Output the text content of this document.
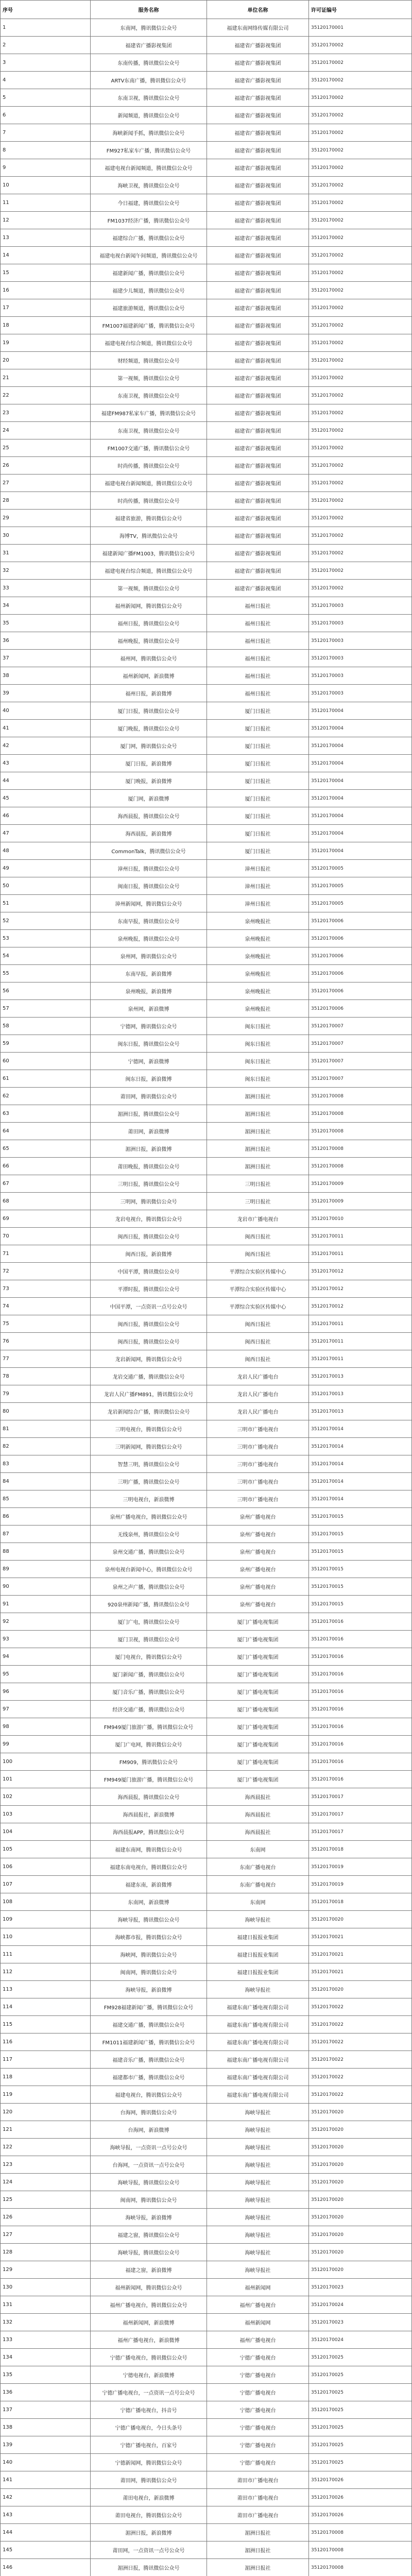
序号	服务名称	单位名称	许可证编号
1	东南网，腾讯微信公众号	福建东南网络传媒有限公司	35120170001
2	福建省广播影视集团	福建省广播影视集团	35120170002
3	东南传播，腾讯微信公众号	福建省广播影视集团	35120170002
4	ARTV东南广播，腾讯微信公众号	福建省广播影视集团	35120170002
5	东南卫视，腾讯微信公众号	福建省广播影视集团	35120170002
6	新闻频道，腾讯微信公众号	福建省广播影视集团	35120170002
7	海峡新闻手抓，腾讯微信公众号	福建省广播影视集团	35120170002
8	FM927私家车广播，腾讯微信公众号	福建省广播影视集团	35120170002
9	福建电视台新闻频道，腾讯微信公众号	福建省广播影视集团	35120170002
10	海峡卫视，腾讯微信公众号	福建省广播影视集团	35120170002
11	今日福建，腾讯微信公众号	福建省广播影视集团	35120170002
12	FM1037经济广播，腾讯微信公众号	福建省广播影视集团	35120170002
13	福建综合广播，腾讯微信公众号	福建省广播影视集团	35120170002
14	福建电视台新闻午间频道，腾讯微信公众号	福建省广播影视集团	35120170002
15	福建新闻广播，腾讯微信公众号	福建省广播影视集团	35120170002
16	福建少儿频道，腾讯微信公众号	福建省广播影视集团	35120170002
17	福建旅游频道，腾讯微信公众号	福建省广播影视集团	35120170002
18	FM1007福建新闻广播，腾讯微信公众号	福建省广播影视集团	35120170002
19	福建电视台综合频道，腾讯微信公众号	福建省广播影视集团	35120170002
20	财经频道，腾讯微信公众号	福建省广播影视集团	35120170002
21	第一视频，腾讯微信公众号	福建省广播影视集团	35120170002
22	东南卫视，腾讯微信公众号	福建省广播影视集团	35120170002
23	福建FM987私家车广播，腾讯微信公众号	福建省广播影视集团	35120170002
24	东南卫视，腾讯微信公众号	福建省广播影视集团	35120170002
25	FM1007交通广播，腾讯微信公众号	福建省广播影视集团	35120170002
26	时尚传播，腾讯微信公众号	福建省广播影视集团	35120170002
27	福建电视台新闻频道，腾讯微信公众号	福建省广播影视集团	35120170002
28	时尚传播，腾讯微信公众号	福建省广播影视集团	35120170002
29	福建省旅游，腾讯微信公众号	福建省广播影视集团	35120170002
30	海博TV，腾讯微信公众号	福建省广播影视集团	35120170002
31	福建新闻广播FM1003，腾讯微信公众号	福建省广播影视集团	35120170002
32	福建电视台综合频道，腾讯微信公众号	福建省广播影视集团	35120170002
33	第一视频，腾讯微信公众号	福建省广播影视集团	35120170002
34	福州新闻网，腾讯微信公众号	福州日报社	35120170003
35	福州日报，腾讯微信公众号	福州日报社	35120170003
36	福州晚报，腾讯微信公众号	福州日报社	35120170003
37	福州网，腾讯微信公众号	福州日报社	35120170003
38	福州新闻网，新浪微博	福州日报社	35120170003
39	福州日报，新浪微博	福州日报社	35120170003
40	厦门日报，腾讯微信公众号	厦门日报社	35120170004
41	厦门晚报，腾讯微信公众号	厦门日报社	35120170004
42	厦门网，腾讯微信公众号	厦门日报社	35120170004
43	厦门日报，新浪微博	厦门日报社	35120170004
44	厦门晚报，新浪微博	厦门日报社	35120170004
45	厦门网，新浪微博	厦门日报社	35120170004
46	海西晨报，腾讯微信公众号	厦门日报社	35120170004
47	海西晨报，新浪微博	厦门日报社	35120170004
48	CommonTalk，腾讯微信公众号	厦门日报社	35120170004
49	漳州日报，腾讯微信公众号	漳州日报社	35120170005
50	闽南日报，腾讯微信公众号	漳州日报社	35120170005
51	漳州新闻网，腾讯微信公众号	漳州日报社	35120170005
52	东南早报，腾讯微信公众号	泉州晚报社	35120170006
53	泉州晚报，腾讯微信公众号	泉州晚报社	35120170006
54	泉州网，腾讯微信公众号	泉州晚报社	35120170006
55	东南早报，新浪微博	泉州晚报社	35120170006
56	泉州晚报，新浪微博	泉州晚报社	35120170006
57	泉州网，新浪微博	泉州晚报社	35120170006
58	宁德网，腾讯微信公众号	闽东日报社	35120170007
59	闽东日报，腾讯微信公众号	闽东日报社	35120170007
60	宁德网，新浪微博	闽东日报社	35120170007
61	闽东日报，新浪微博	闽东日报社	35120170007
62	莆田网，腾讯微信公众号	湄洲日报社	35120170008
63	湄洲日报，腾讯微信公众号	湄洲日报社	35120170008
64	莆田网，新浪微博	湄洲日报社	35120170008
65	湄洲日报，新浪微博	湄洲日报社	35120170008
66	莆田晚报，腾讯微信公众号	湄洲日报社	35120170008
67	三明日报，腾讯微信公众号	三明日报社	35120170009
68	三明网，腾讯微信公众号	三明日报社	35120170009
69	龙岩电视台，腾讯微信公众号	龙岩市广播电视台	35120170010
70	闽西日报，腾讯微信公众号	闽西日报社	35120170011
71	闽西日报，新浪微博	闽西日报社	35120170011
72	中国平潭，腾讯微信公众号	平潭综合实验区传媒中心	35120170012
73	平潭时报，腾讯微信公众号	平潭综合实验区传媒中心	35120170012
74	中国平潭，一点资讯一点号公众号	平潭综合实验区传媒中心	35120170012
75	闽西日报，腾讯微信公众号	闽西日报社	35120170011
76	闽西日报，腾讯微信公众号	闽西日报社	35120170011
77	龙岩新闻网，腾讯微信公众号	闽西日报社	35120170011
78	龙岩交通广播，腾讯微信公众号	龙岩人民广播电台	35120170013
79	龙岩人民广播FM891，腾讯微信公众号	龙岩人民广播电台	35120170013
80	龙岩新闻综合广播，腾讯微信公众号	龙岩人民广播电台	35120170013
81	三明电视台，腾讯微信公众号	三明市广播电视台	35120170014
82	三明新闻网，腾讯微信公众号	三明市广播电视台	35120170014
83	智慧三明，腾讯微信公众号	三明市广播电视台	35120170014
84	三明广播，腾讯微信公众号	三明市广播电视台	35120170014
85	三明电视台，新浪微博	三明市广播电视台	35120170014
86	泉州广播电视台，腾讯微信公众号	泉州广播电视台	35120170015
87	无线泉州，腾讯微信公众号	泉州广播电视台	35120170015
88	泉州交通广播，腾讯微信公众号	泉州广播电视台	35120170015
89	泉州电视台新闻中心，腾讯微信公众号	泉州广播电视台	35120170015
90	泉州之声广播，腾讯微信公众号	泉州广播电视台	35120170015
91	920泉州新闻广播，腾讯微信公众号	泉州广播电视台	35120170015
92	厦门广电，腾讯微信公众号	厦门广播电视集团	35120170016
93	厦门卫视，腾讯微信公众号	厦门广播电视集团	35120170016
94	厦门电视台，腾讯微信公众号	厦门广播电视集团	35120170016
95	厦门新闻广播，腾讯微信公众号	厦门广播电视集团	35120170016
96	厦门音乐广播，腾讯微信公众号	厦门广播电视集团	35120170016
97	经济交通广播，腾讯微信公众号	厦门广播电视集团	35120170016
98	FM949厦门旅游广播，腾讯微信公众号	厦门广播电视集团	35120170016
99	厦门广电网，腾讯微信公众号	厦门广播电视集团	35120170016
100	FM909，腾讯微信公众号	厦门广播电视集团	35120170016
101	FM949厦门旅游广播，腾讯微信公众号	厦门广播电视集团	35120170016
102	海西晨报，腾讯微信公众号	海西晨报社	35120170017
103	海西晨报社，新浪微博	海西晨报社	35120170017
104	海西晨报APP，腾讯微信公众号	海西晨报社	35120170017
105	福建东南网，腾讯微信公众号	东南网	35120170018
106	福建东南电视台，腾讯微信公众号	东南广播电视台	35120170019
107	福建东南，新浪微博	东南广播电视台	35120170019
108	东南网，新浪微博	东南网	35120170018
109	海峡导报，腾讯微信公众号	海峡导报社	35120170020
110	海峡都市报，腾讯微信公众号	福建日报报业集团	35120170021
111	海峡网，腾讯微信公众号	福建日报报业集团	35120170021
112	闽南网，腾讯微信公众号	福建日报报业集团	35120170021
113	海峡导报，新浪微博	海峡导报社	35120170020
114	FM928福建新闻广播，腾讯微信公众号	福建东南广播电视有限公司	35120170022
115	福建交通广播，腾讯微信公众号	福建东南广播电视有限公司	35120170022
116	FM1011福建新闻广播，腾讯微信公众号	福建东南广播电视有限公司	35120170022
117	福建音乐广播，腾讯微信公众号	福建东南广播电视有限公司	35120170022
118	福建都市广播，腾讯微信公众号	福建东南广播电视有限公司	35120170022
119	福建电视台，腾讯微信公众号	福建东南广播电视有限公司	35120170022
120	台海网，腾讯微信公众号	海峡导报社	35120170020
121	台海网，新浪微博	海峡导报社	35120170020
122	海峡导报，一点资讯一点号公众号	海峡导报社	35120170020
123	台海网，一点资讯一点号公众号	海峡导报社	35120170020
124	海峡导报，腾讯微信公众号	海峡导报社	35120170020
125	闽南网，腾讯微信公众号	海峡导报社	35120170020
126	海峡导报，新浪微博	海峡导报社	35120170020
127	福建之窗，腾讯微信公众号	海峡导报社	35120170020
128	海峡导报，腾讯微信公众号	海峡导报社	35120170020
129	福建之窗，新浪微博	海峡导报社	35120170020
130	福州新闻网，腾讯微信公众号	福州新闻网	35120170023
131	福州广播电视台，腾讯微信公众号	福州广播电视台	35120170024
132	福州新闻网，新浪微博	福州新闻网	35120170023
133	福州广播电视台，新浪微博	福州广播电视台	35120170024
134	宁德广播电视台，腾讯微信公众号	宁德广播电视台	35120170025
135	宁德电视台，新浪微博	宁德广播电视台	35120170025
136	宁德广播电视台，一点资讯一点号公众号	宁德广播电视台	35120170025
137	宁德广播电视台，抖音号	宁德广播电视台	35120170025
138	宁德广播电视台，今日头条号	宁德广播电视台	35120170025
139	宁德广播电视台，百家号	宁德广播电视台	35120170025
140	宁德新闻网，腾讯微信公众号	宁德广播电视台	35120170025
141	莆田网，腾讯微信公众号	莆田市广播电视台	35120170026
142	莆田电视台，新浪微博	莆田市广播电视台	35120170026
143	莆田电视台，腾讯微信公众号	莆田市广播电视台	35120170026
144	湄洲日报，新浪微博	湄洲日报社	35120170008
145	莆田网，一点资讯一点号公众号	湄洲日报社	35120170008
146	湄洲日报，腾讯微信公众号	湄洲日报社	35120170008
